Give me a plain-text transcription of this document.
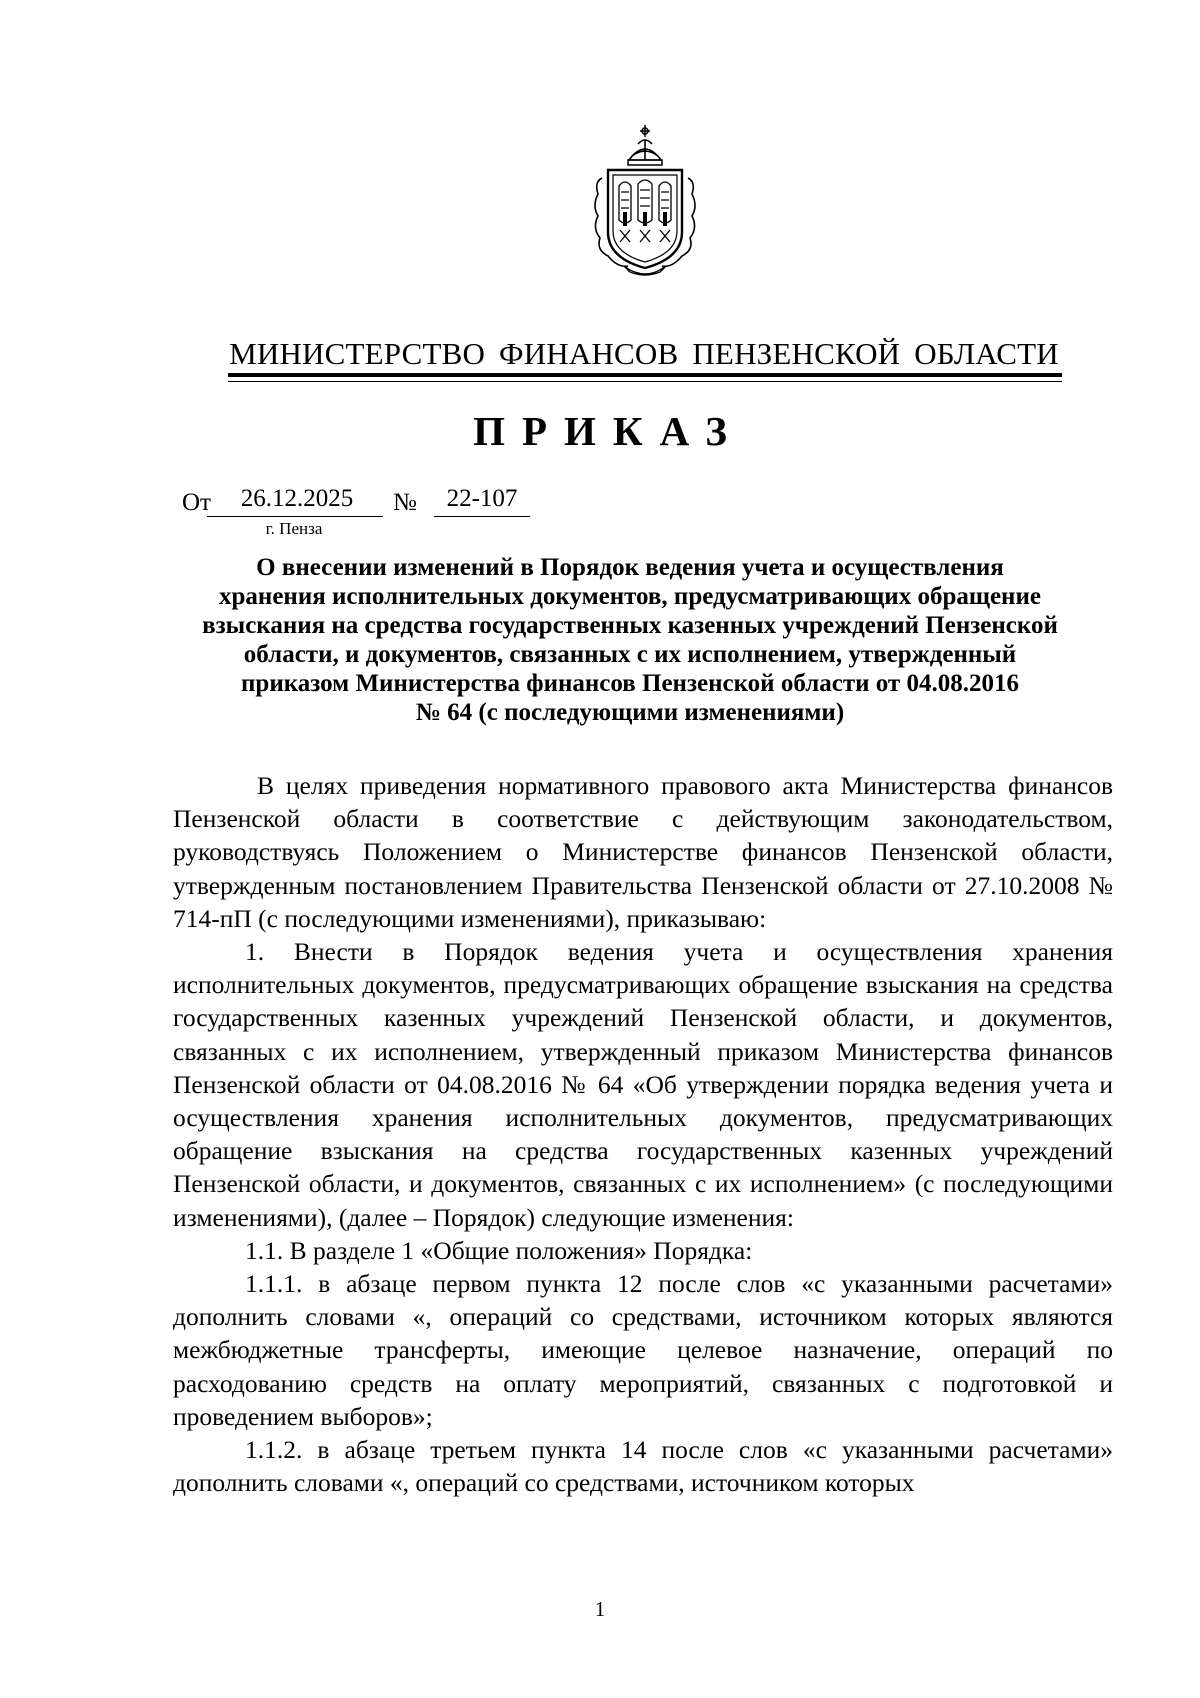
МИНИСТЕРСТВО ФИНАНСОВ ПЕНЗЕНСКОЙ ОБЛАСТИ
ПРИКАЗ
От	26.12.2025	№	22-107
г. Пенза
О внесении изменений в Порядок ведения учета и осуществления
хранения исполнительных документов, предусматривающих обращение
взыскания на средства государственных казенных учреждений Пензенской
области, и документов, связанных с их исполнением, утвержденный
приказом Министерства финансов Пензенской области от 04.08.2016
№ 64 (с последующими изменениями)

В целях приведения нормативного правового акта Министерства финансов Пензенской области в соответствие с действующим законодательством, руководствуясь Положением о Министерстве финансов Пензенской области, утвержденным постановлением Правительства Пензенской области от 27.10.2008 № 714-пП (с последующими изменениями), приказываю:

1. Внести в Порядок ведения учета и осуществления хранения исполнительных документов, предусматривающих обращение взыскания на средства государственных казенных учреждений Пензенской области, и документов, связанных с их исполнением, утвержденный приказом Министерства финансов Пензенской области от 04.08.2016 № 64 «Об утверждении порядка ведения учета и осуществления хранения исполнительных документов, предусматривающих обращение взыскания на средства государственных казенных учреждений Пензенской области, и документов, связанных с их исполнением» (с последующими изменениями), (далее – Порядок) следующие изменения:

1.1. В разделе 1 «Общие положения» Порядка:

1.1.1. в абзаце первом пункта 12 после слов «с указанными расчетами» дополнить словами «, операций со средствами, источником которых являются межбюджетные трансферты, имеющие целевое назначение, операций по расходованию средств на оплату мероприятий, связанных с подготовкой и проведением выборов»;

1.1.2. в абзаце третьем пункта 14 после слов «с указанными расчетами» дополнить словами «, операций со средствами, источником которых

1
